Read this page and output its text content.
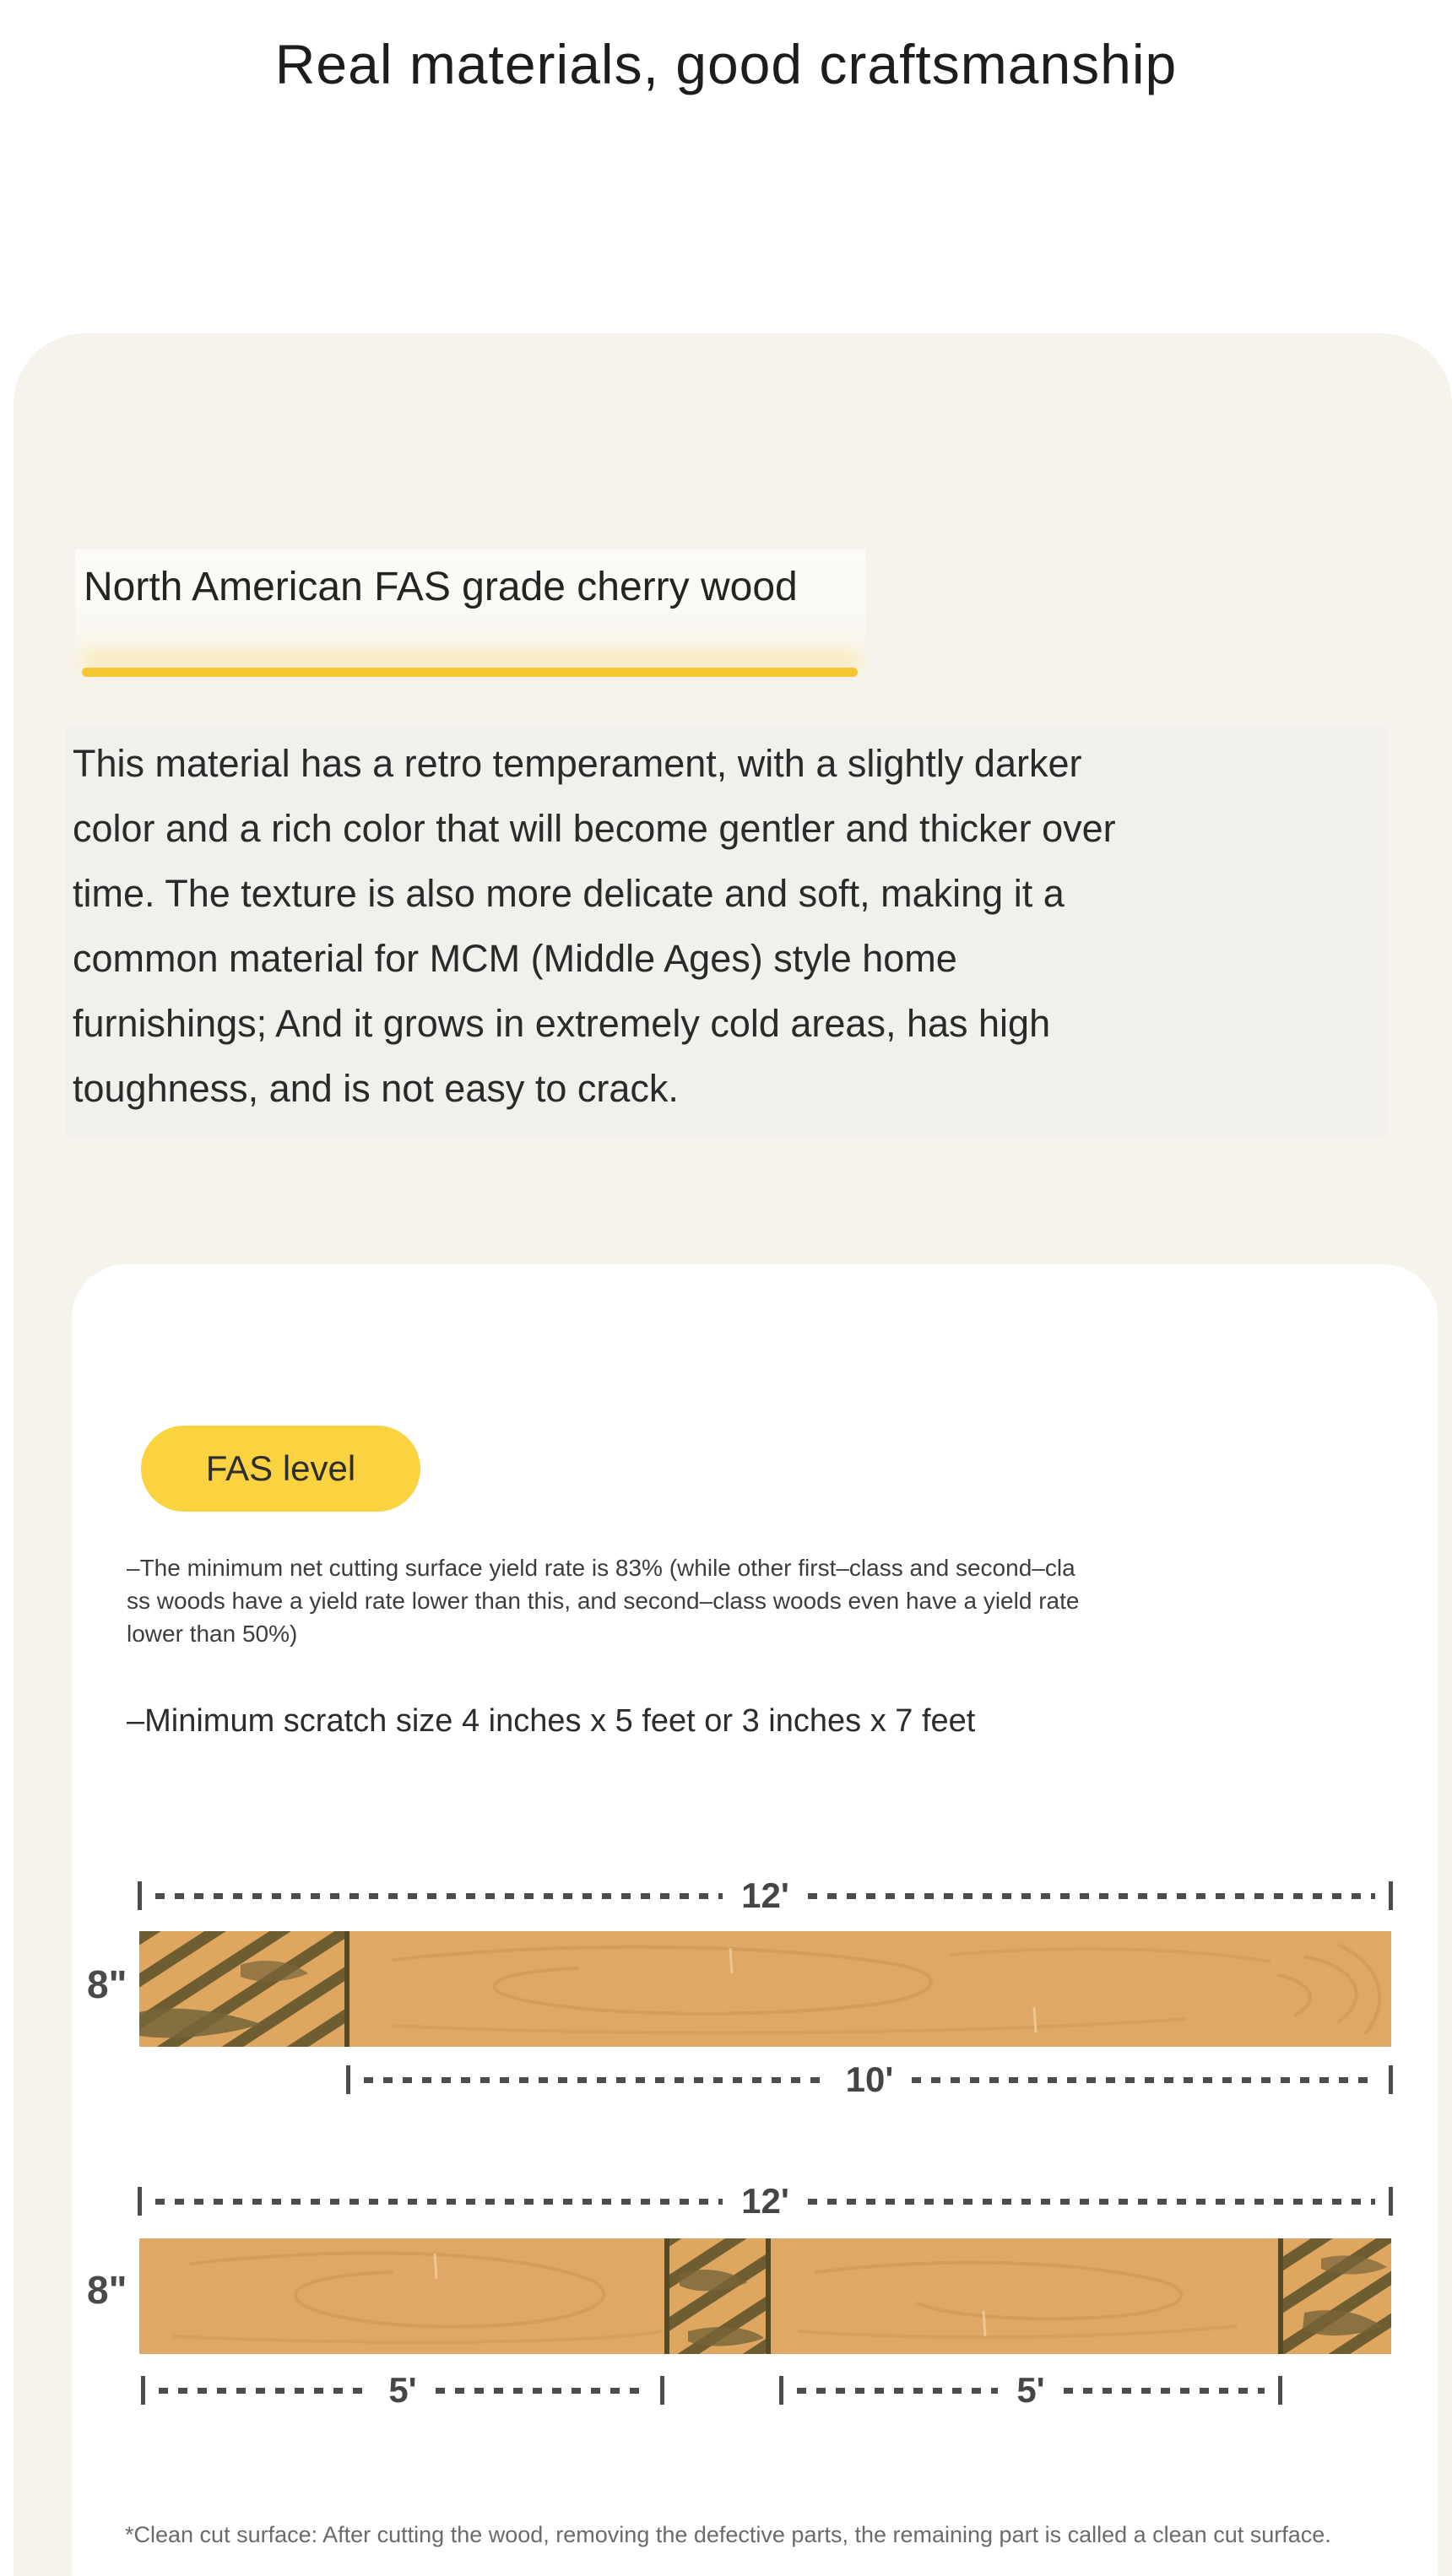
Real materials, good craftsmanship
North American FAS grade cherry wood
This material has a retro temperament, with a slightly darker
color and a rich color that will become gentler and thicker over
time. The texture is also more delicate and soft, making it a
common material for MCM (Middle Ages) style home
furnishings; And it grows in extremely cold areas, has high
toughness, and is not easy to crack.
FAS level
–The minimum net cutting surface yield rate is 83% (while other first–class and second–cla
ss woods have a yield rate lower than this, and second–class woods even have a yield rate
lower than 50%)
–Minimum scratch size 4 inches x 5 feet or 3 inches x 7 feet
12'
8"
10'
12'
8"
5'	5'
*Clean cut surface: After cutting the wood, removing the defective parts, the remaining part is called a clean cut surface.
